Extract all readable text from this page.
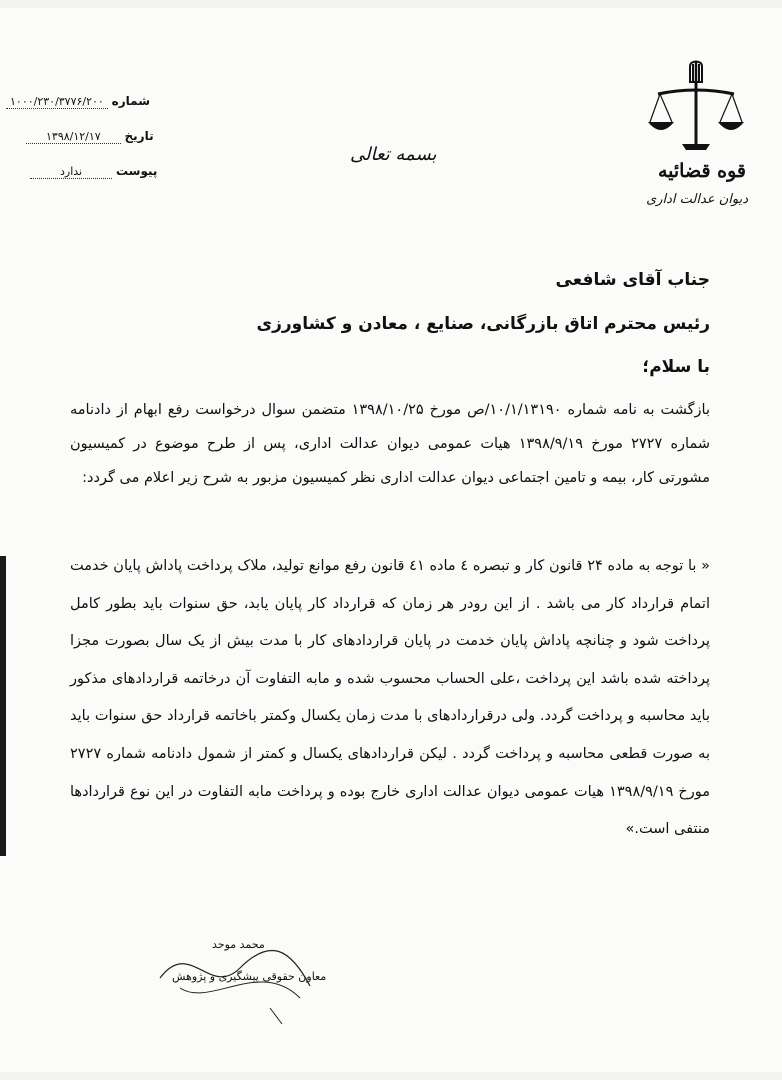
قوه قضائیه
دیوان عدالت اداری
بسمه تعالی
شماره ۱۰۰۰/۲۳۰/۳۷۷۶/۲۰۰
تاریخ ۱۳۹۸/۱۲/۱۷
پیوست ندارد
جناب آقای شافعی
رئیس محترم اتاق بازرگانی، صنایع ، معادن و کشاورزی
با سلام؛

بازگشت به نامه شماره ۱۰/۱/۱۳۱۹۰/ص مورخ ۱۳۹۸/۱۰/۲۵ متضمن سوال درخواست رفع ابهام از دادنامه شماره ۲۷۲۷ مورخ ۱۳۹۸/۹/۱۹ هیات عمومی دیوان عدالت اداری، پس از طرح موضوع در کمیسیون مشورتی کار، بیمه و تامین اجتماعی دیوان عدالت اداری نظر کمیسیون مزبور به شرح زیر اعلام می گردد:

« با توجه به ماده ۲۴ قانون کار و تبصره ٤ ماده ٤١ قانون رفع موانع تولید، ملاک پرداخت پاداش پایان خدمت اتمام قرارداد کار می باشد . از این رودر هر زمان که قرارداد کار پایان یابد، حق سنوات باید بطور کامل پرداخت شود و چنانچه پاداش پایان خدمت در پایان قراردادهای کار با مدت بیش از یک سال بصورت مجزا پرداخته شده باشد این پرداخت ،علی الحساب محسوب شده و مابه التفاوت آن درخاتمه قراردادهای مذکور باید محاسبه و پرداخت گردد. ولی درقراردادهای با مدت زمان یکسال وکمتر باخاتمه قرارداد حق سنوات باید به صورت قطعی محاسبه و پرداخت گردد . لیکن قراردادهای یکسال و کمتر از شمول دادنامه شماره ۲۷۲۷ مورخ ۱۳۹۸/۹/۱۹ هیات عمومی دیوان عدالت اداری خارج بوده و پرداخت مابه التفاوت در این نوع قراردادها منتفی است.»

محمد موحد
معاون حقوقی پیشگیری و پژوهش
